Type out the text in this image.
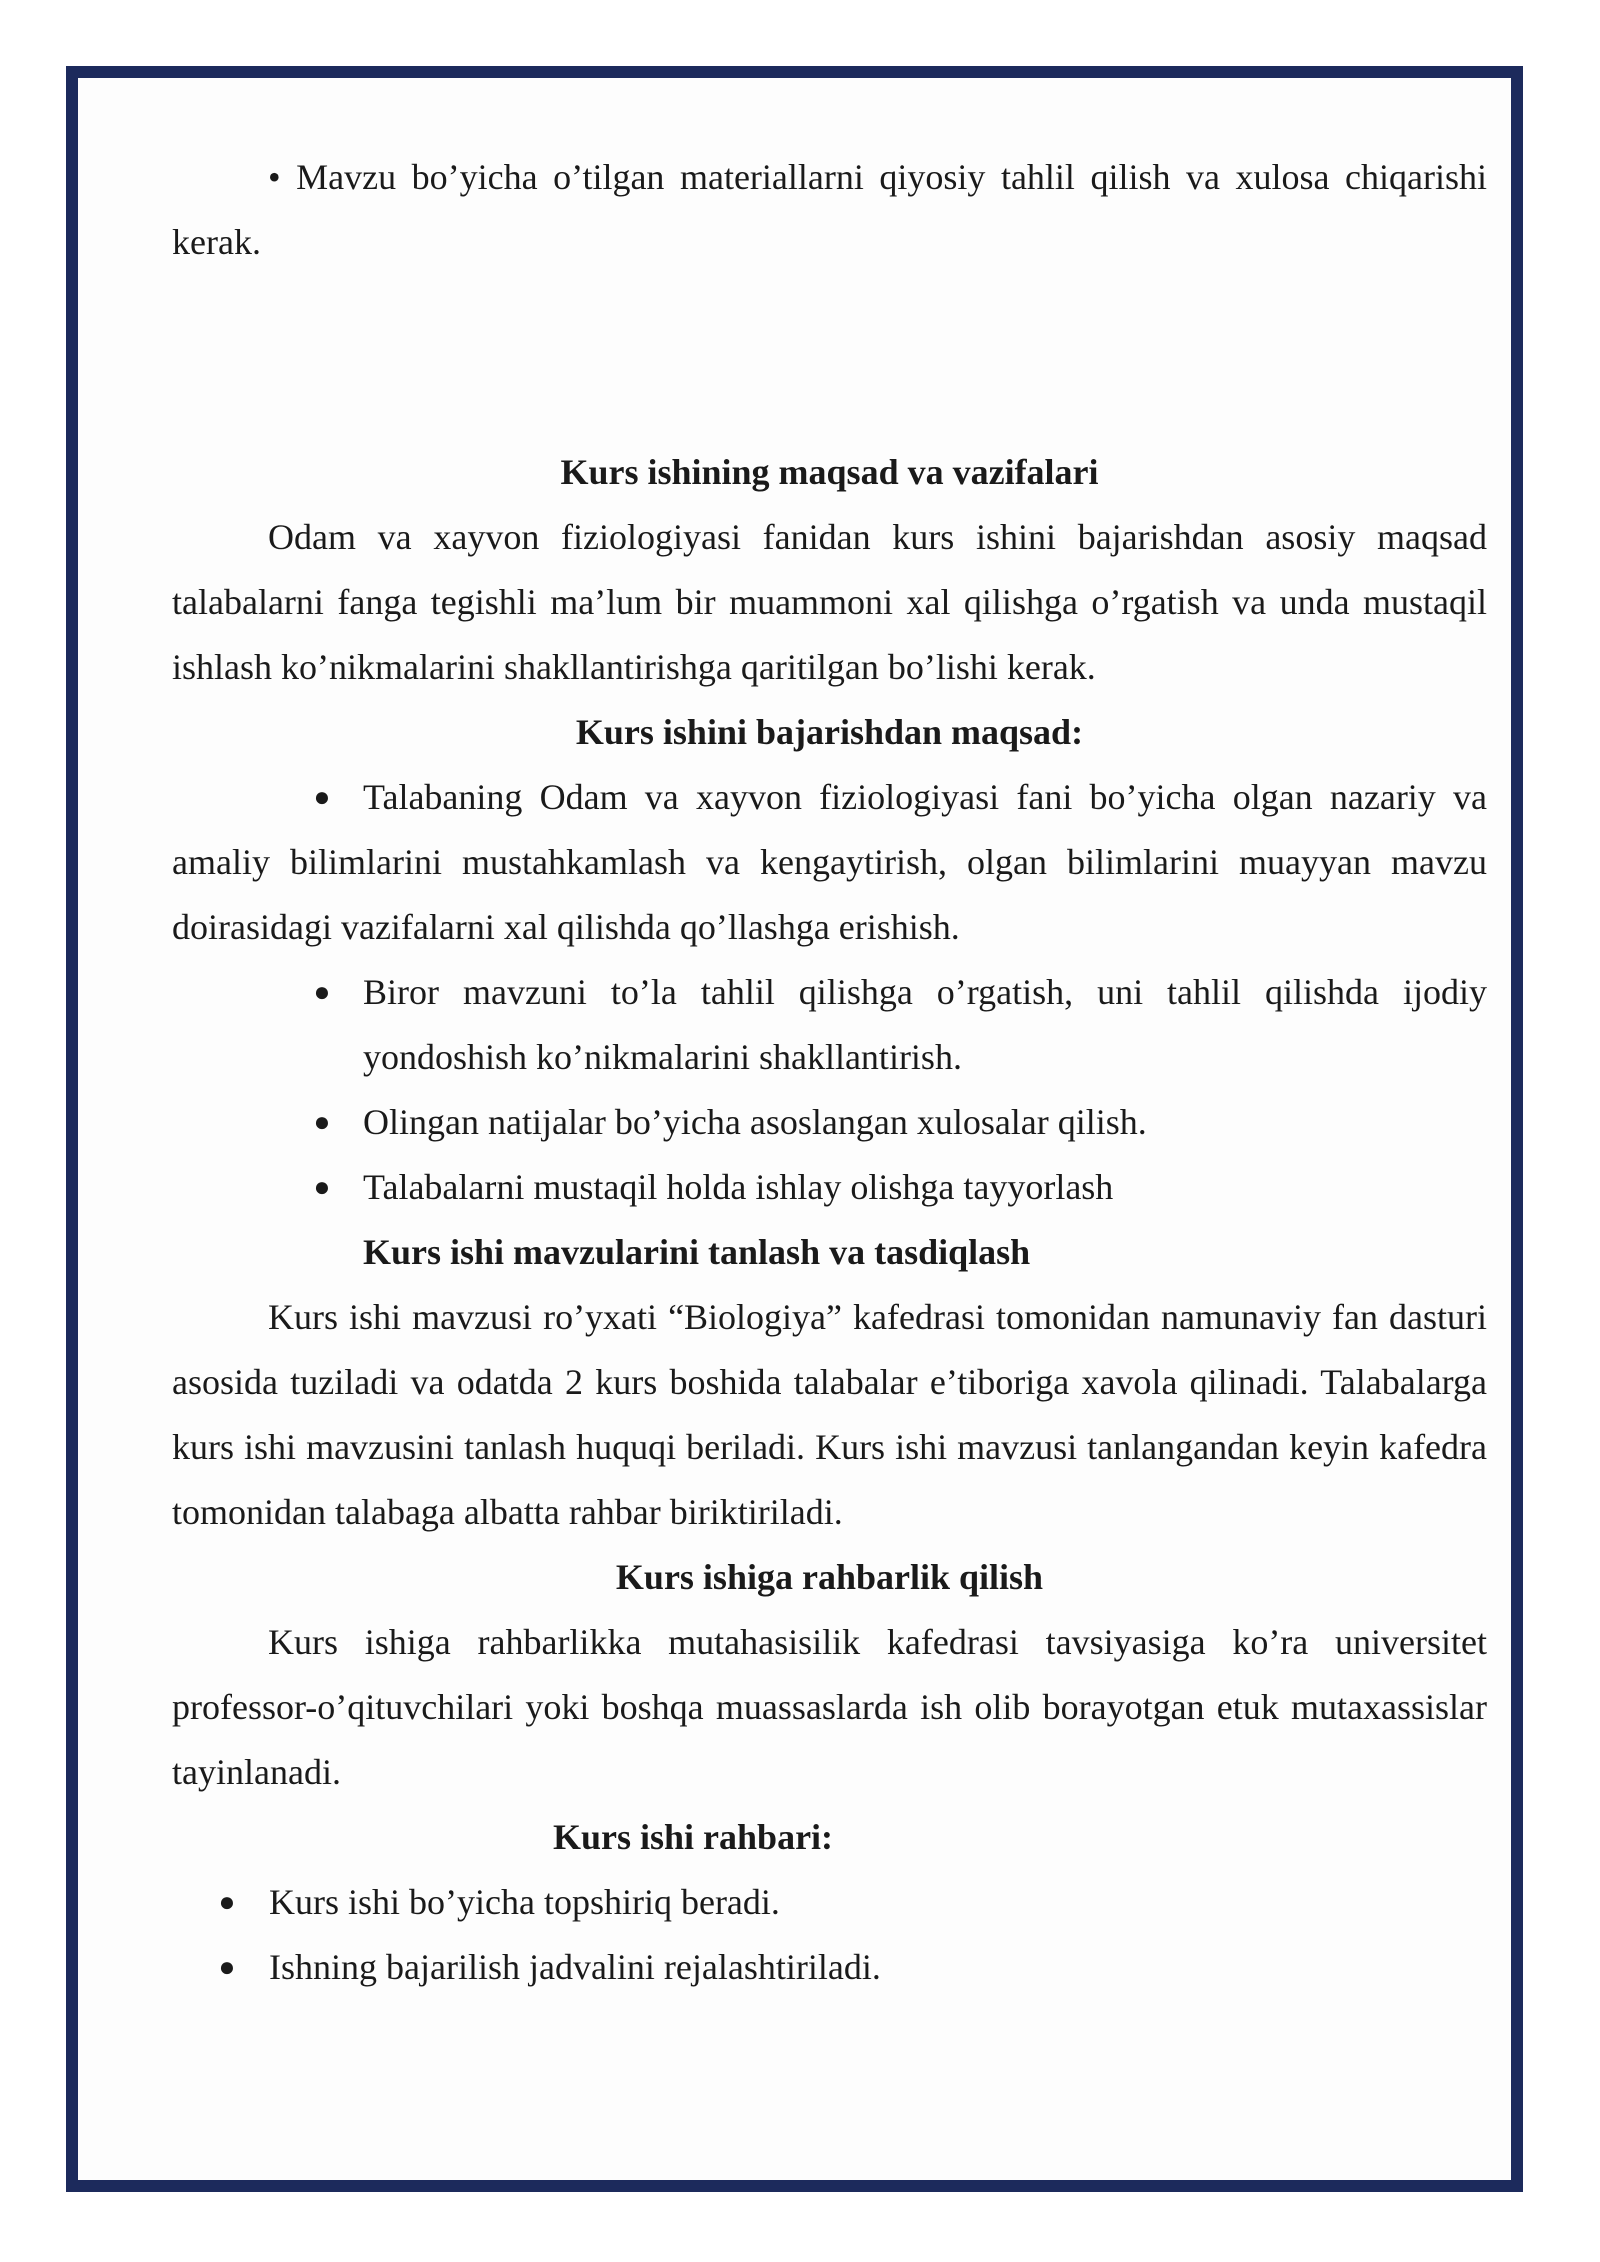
• Mavzu bo’yicha o’tilgan materiallarni qiyosiy tahlil qilish va xulosa chiqarishi kerak.

Kurs ishining maqsad va vazifalari

Odam va xayvon fiziologiyasi fanidan kurs ishini bajarishdan asosiy maqsad talabalarni fanga tegishli ma’lum bir muammoni xal qilishga o’rgatish va unda mustaqil ishlash ko’nikmalarini shakllantirishga qaritilgan bo’lishi kerak.

Kurs ishini bajarishdan maqsad:

● Talabaning Odam va xayvon fiziologiyasi fani bo’yicha olgan nazariy va amaliy bilimlarini mustahkamlash va kengaytirish, olgan bilimlarini muayyan mavzu doirasidagi vazifalarni xal qilishda qo’llashga erishish.

● Biror mavzuni to’la tahlil qilishga o’rgatish, uni tahlil qilishda ijodiy yondoshish ko’nikmalarini shakllantirish.
● Olingan natijalar bo’yicha asoslangan xulosalar qilish.
● Talabalarni mustaqil holda ishlay olishga tayyorlash
Kurs ishi mavzularini tanlash va tasdiqlash

Kurs ishi mavzusi ro’yxati “Biologiya” kafedrasi tomonidan namunaviy fan dasturi asosida tuziladi va odatda 2 kurs boshida talabalar e’tiboriga xavola qilinadi. Talabalarga kurs ishi mavzusini tanlash huquqi beriladi. Kurs ishi mavzusi tanlangandan keyin kafedra tomonidan talabaga albatta rahbar biriktiriladi.

Kurs ishiga rahbarlik qilish

Kurs ishiga rahbarlikka mutahasisilik kafedrasi tavsiyasiga ko’ra universitet professor-o’qituvchilari yoki boshqa muassaslarda ish olib borayotgan etuk mutaxassislar tayinlanadi.

Kurs ishi rahbari:
● Kurs ishi bo’yicha topshiriq beradi.
● Ishning bajarilish jadvalini rejalashtiriladi.
